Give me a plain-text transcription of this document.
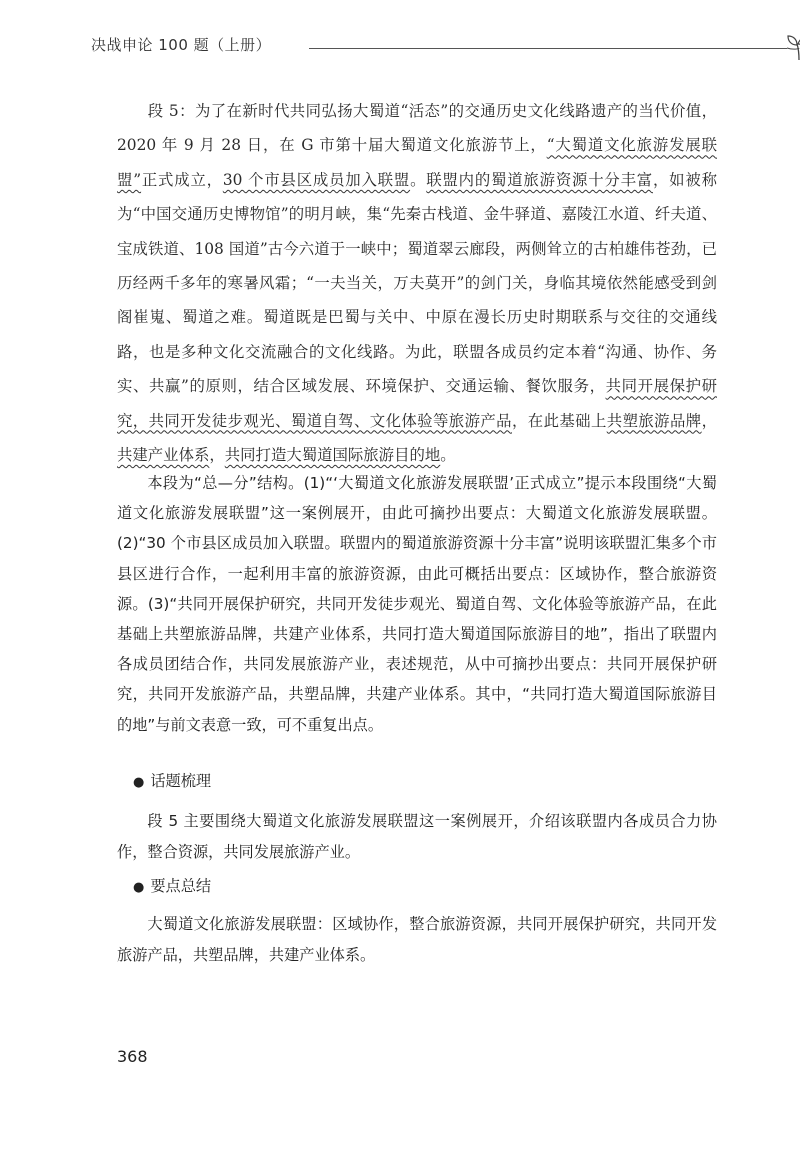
决战申论 100 题（上册）

段 5：为了在新时代共同弘扬大蜀道“活态”的交通历史文化线路遗产的当代价值，2020 年 9 月 28 日，在 G 市第十届大蜀道文化旅游节上，“大蜀道文化旅游发展联盟”正式成立，30 个市县区成员加入联盟。联盟内的蜀道旅游资源十分丰富，如被称为“中国交通历史博物馆”的明月峡，集“先秦古栈道、金牛驿道、嘉陵江水道、纤夫道、宝成铁道、108 国道”古今六道于一峡中；蜀道翠云廊段，两侧耸立的古柏雄伟苍劲，已历经两千多年的寒暑风霜；“一夫当关，万夫莫开”的剑门关，身临其境依然能感受到剑阁崔嵬、蜀道之难。蜀道既是巴蜀与关中、中原在漫长历史时期联系与交往的交通线路，也是多种文化交流融合的文化线路。为此，联盟各成员约定本着“沟通、协作、务实、共赢”的原则，结合区域发展、环境保护、交通运输、餐饮服务，共同开展保护研究，共同开发徒步观光、蜀道自驾、文化体验等旅游产品，在此基础上共塑旅游品牌，共建产业体系，共同打造大蜀道国际旅游目的地。

本段为“总—分”结构。(1)“‘大蜀道文化旅游发展联盟’正式成立”提示本段围绕“大蜀道文化旅游发展联盟”这一案例展开，由此可摘抄出要点：大蜀道文化旅游发展联盟。(2)“30 个市县区成员加入联盟。联盟内的蜀道旅游资源十分丰富”说明该联盟汇集多个市县区进行合作，一起利用丰富的旅游资源，由此可概括出要点：区域协作，整合旅游资源。(3)“共同开展保护研究，共同开发徒步观光、蜀道自驾、文化体验等旅游产品，在此基础上共塑旅游品牌，共建产业体系，共同打造大蜀道国际旅游目的地”，指出了联盟内各成员团结合作，共同发展旅游产业，表述规范，从中可摘抄出要点：共同开展保护研究，共同开发旅游产品，共塑品牌，共建产业体系。其中，“共同打造大蜀道国际旅游目的地”与前文表意一致，可不重复出点。

● 话题梳理

段 5 主要围绕大蜀道文化旅游发展联盟这一案例展开，介绍该联盟内各成员合力协作，整合资源，共同发展旅游产业。

● 要点总结

大蜀道文化旅游发展联盟：区域协作，整合旅游资源，共同开展保护研究，共同开发旅游产品，共塑品牌，共建产业体系。

368
